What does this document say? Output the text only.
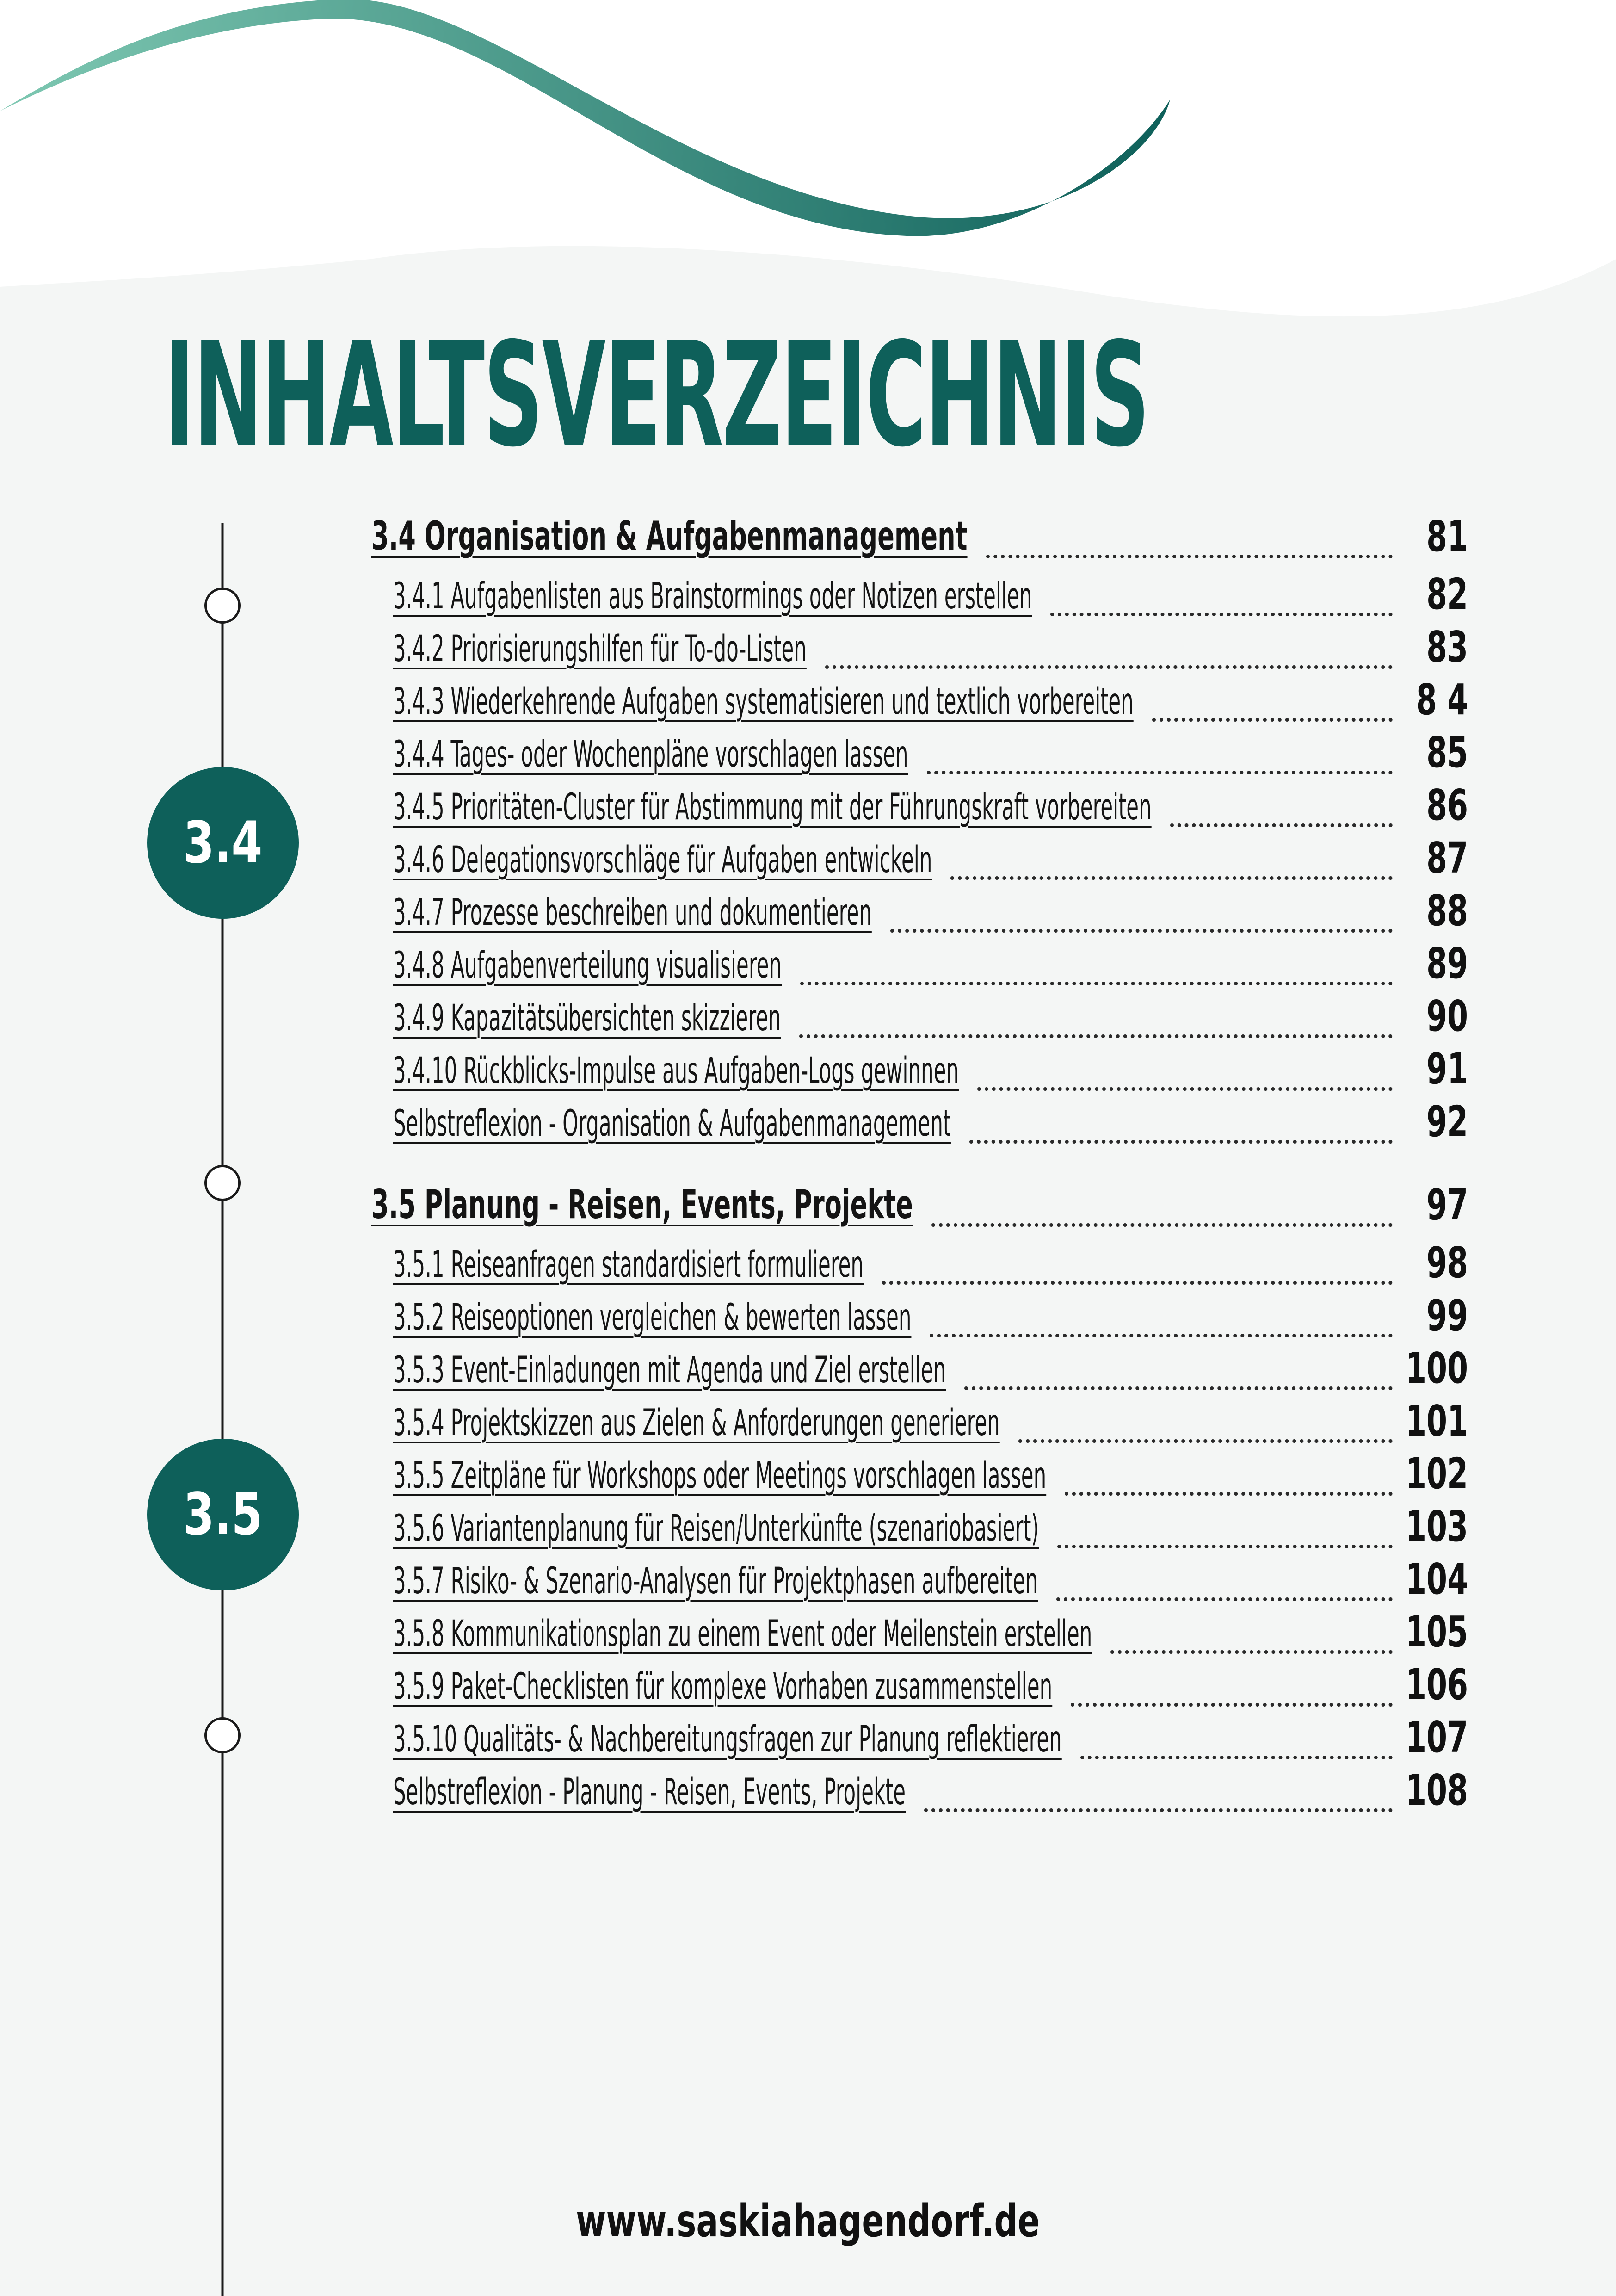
INHALTSVERZEICHNIS
3.4
3.5
3.4 Organisation & Aufgabenmanagement	81
3.4.1 Aufgabenlisten aus Brainstormings oder Notizen erstellen	82
3.4.2 Priorisierungshilfen für To-do-Listen	83
3.4.3 Wiederkehrende Aufgaben systematisieren und textlich vorbereiten	8 4
3.4.4 Tages- oder Wochenpläne vorschlagen lassen	85
3.4.5 Prioritäten-Cluster für Abstimmung mit der Führungskraft vorbereiten	86
3.4.6 Delegationsvorschläge für Aufgaben entwickeln	87
3.4.7 Prozesse beschreiben und dokumentieren	88
3.4.8 Aufgabenverteilung visualisieren	89
3.4.9 Kapazitätsübersichten skizzieren	90
3.4.10 Rückblicks-Impulse aus Aufgaben-Logs gewinnen	91
Selbstreflexion - Organisation & Aufgabenmanagement	92
3.5 Planung - Reisen, Events, Projekte	97
3.5.1 Reiseanfragen standardisiert formulieren	98
3.5.2 Reiseoptionen vergleichen & bewerten lassen	99
3.5.3 Event-Einladungen mit Agenda und Ziel erstellen	100
3.5.4 Projektskizzen aus Zielen & Anforderungen generieren	101
3.5.5 Zeitpläne für Workshops oder Meetings vorschlagen lassen	102
3.5.6 Variantenplanung für Reisen/Unterkünfte (szenariobasiert)	103
3.5.7 Risiko- & Szenario-Analysen für Projektphasen aufbereiten	104
3.5.8 Kommunikationsplan zu einem Event oder Meilenstein erstellen	105
3.5.9 Paket-Checklisten für komplexe Vorhaben zusammenstellen	106
3.5.10 Qualitäts- & Nachbereitungsfragen zur Planung reflektieren	107
Selbstreflexion - Planung - Reisen, Events, Projekte	108
www.saskiahagendorf.de
